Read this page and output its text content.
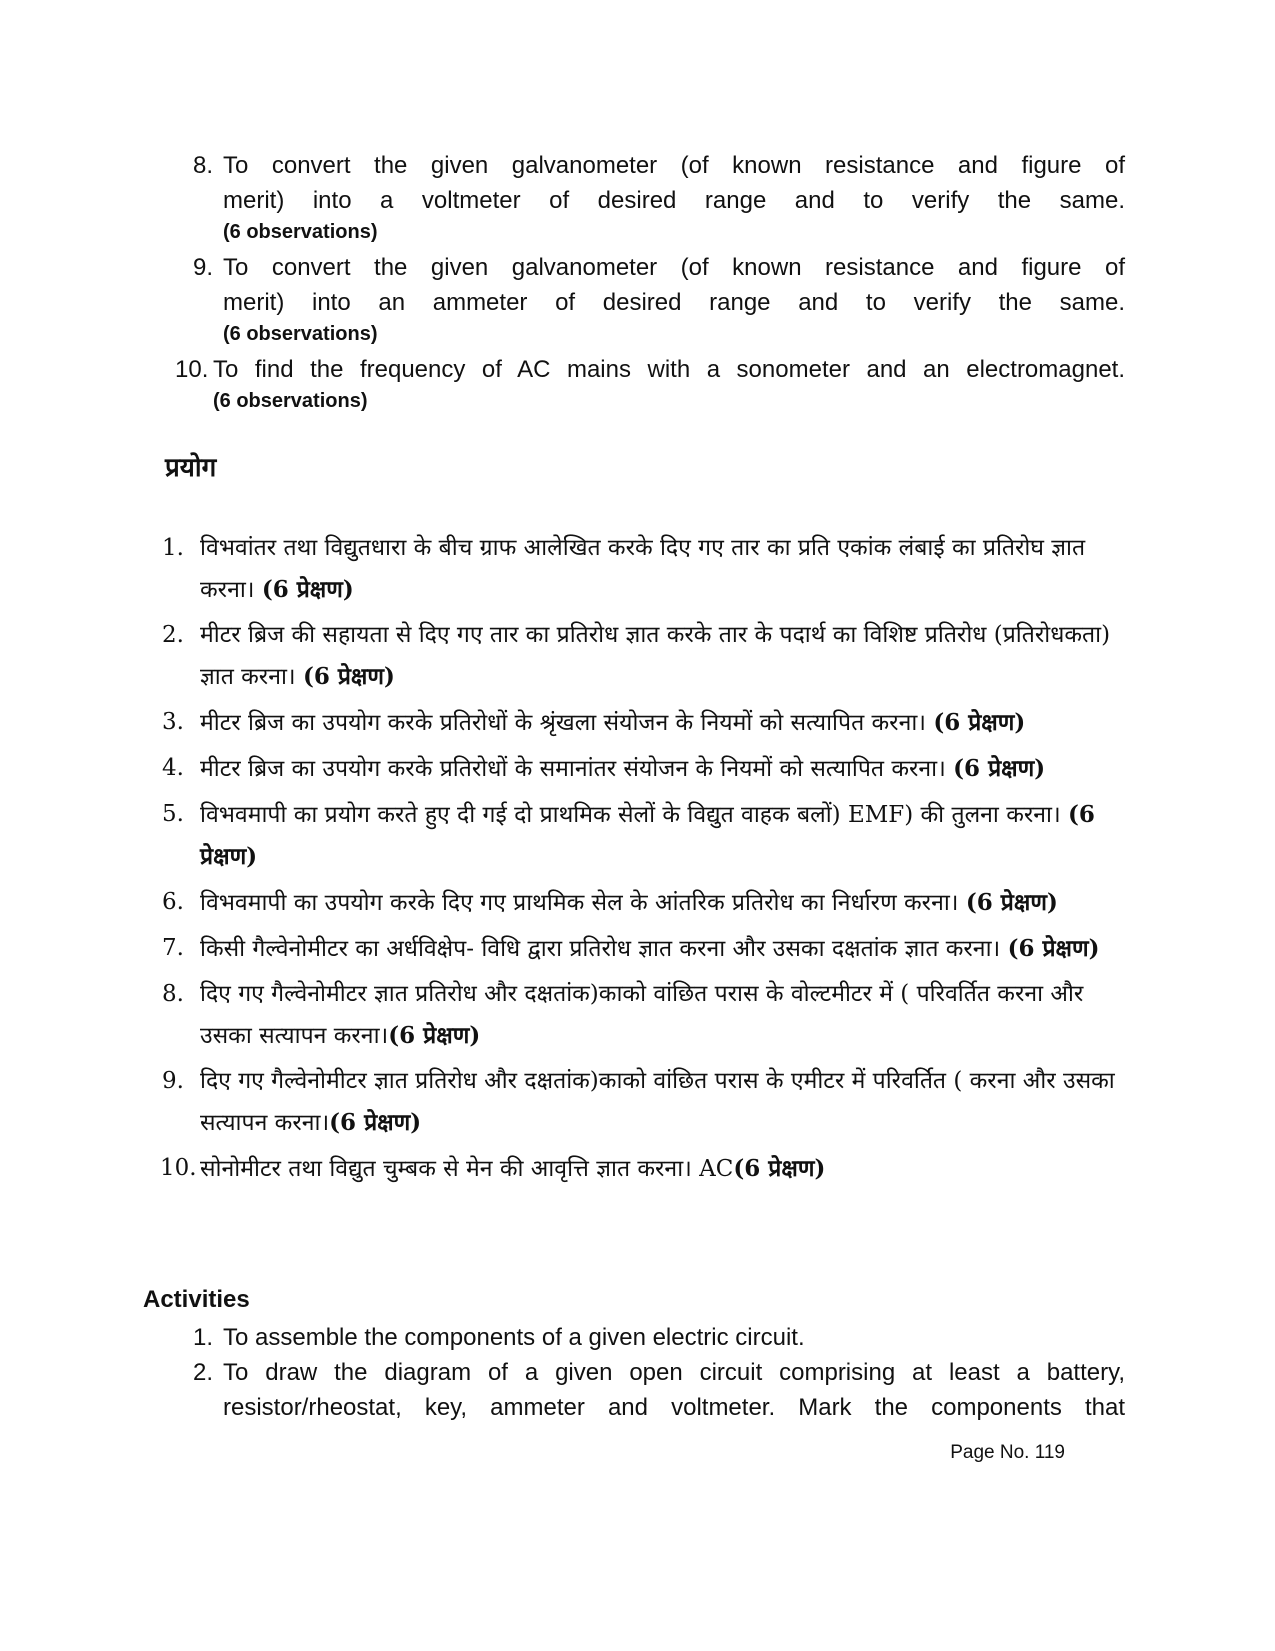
8. To convert the given galvanometer (of known resistance and figure of
merit) into a voltmeter of desired range and to verify the same.
(6 observations)
9. To convert the given galvanometer (of known resistance and figure of
merit) into an ammeter of desired range and to verify the same.
(6 observations)
10. To find the frequency of AC mains with a sonometer and an electromagnet.
(6 observations)
प्रयोग
1. विभवांतर तथा विद्युतधारा के बीच ग्राफ आलेखित करके दिए गए तार का प्रति एकांक लंबाई का प्रतिरोघ ज्ञात करना। (6 प्रेक्षण)
2. मीटर ब्रिज की सहायता से दिए गए तार का प्रतिरोध ज्ञात करके तार के पदार्थ का विशिष्ट प्रतिरोध (प्रतिरोधकता) ज्ञात करना। (6 प्रेक्षण)
3. मीटर ब्रिज का उपयोग करके प्रतिरोधों के श्रृंखला संयोजन के नियमों को सत्यापित करना। (6 प्रेक्षण)
4. मीटर ब्रिज का उपयोग करके प्रतिरोधों के समानांतर संयोजन के नियमों को सत्यापित करना। (6 प्रेक्षण)
5. विभवमापी का प्रयोग करते हुए दी गई दो प्राथमिक सेलों के विद्युत वाहक बलों) EMF) की तुलना करना। (6 प्रेक्षण)
6. विभवमापी का उपयोग करके दिए गए प्राथमिक सेल के आंतरिक प्रतिरोध का निर्धारण करना। (6 प्रेक्षण)
7. किसी गैल्वेनोमीटर का अर्धविक्षेप- विधि द्वारा प्रतिरोध ज्ञात करना और उसका दक्षतांक ज्ञात करना। (6 प्रेक्षण)
8. दिए गए गैल्वेनोमीटर ज्ञात प्रतिरोध और दक्षतांक)काको वांछित परास के वोल्टमीटर में ( परिवर्तित करना और उसका सत्यापन करना।(6 प्रेक्षण)
9. दिए गए गैल्वेनोमीटर ज्ञात प्रतिरोध और दक्षतांक)काको वांछित परास के एमीटर में परिवर्तित ( करना और उसका सत्यापन करना।(6 प्रेक्षण)
10. सोनोमीटर तथा विद्युत चुम्बक से मेन की आवृत्ति ज्ञात करना। AC(6 प्रेक्षण)
Activities
1. To assemble the components of a given electric circuit.
2. To draw the diagram of a given open circuit comprising at least a battery, resistor/rheostat, key, ammeter and voltmeter. Mark the components that
Page No. 119
